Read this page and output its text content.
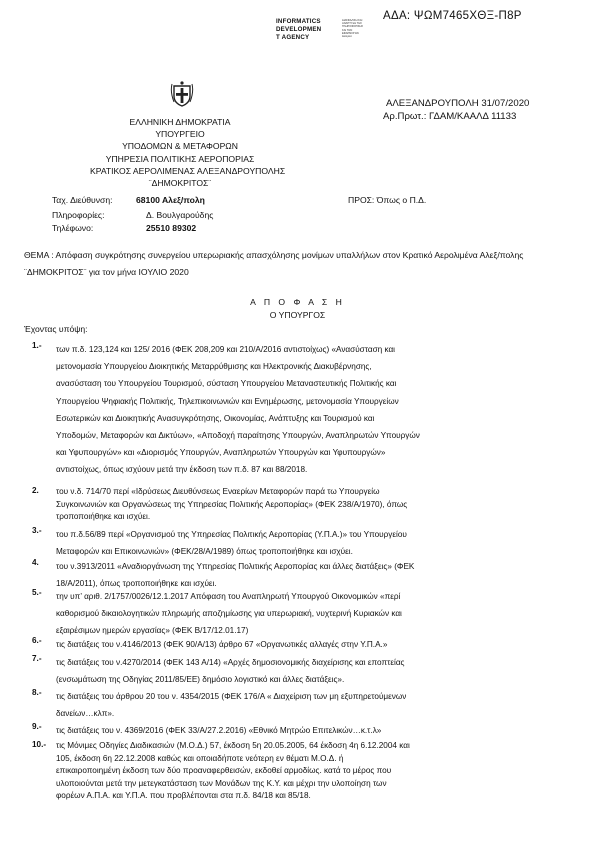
ΑΔΑ: ΨΩΜ7465ΧΘΞ-Π8Ρ
INFORMATICS
DEVELOPMEN
T AGENCY
ΔΙΑΣΦΑΛΙΣΗ ΚΑΙ
ΑΝΑΠΤΥΞΗ ΤΗΣ
ΠΛΗΡΟΦΟΡΙΚΗΣ
ΚΑΙ ΤΩΝ
ΕΦΑΡΜΟΓΩΝ
Διαύγεια
ΑΛΕΞΑΝΔΡΟΥΠΟΛΗ 31/07/2020
Αρ.Πρωτ.: ΓΔΑΜ/ΚΑΑΛΔ 11133
ΕΛΛΗΝΙΚΗ ΔΗΜΟΚΡΑΤΙΑ
ΥΠΟΥΡΓΕΙΟ
ΥΠΟΔΟΜΩΝ & ΜΕΤΑΦΟΡΩΝ
ΥΠΗΡΕΣΙΑ ΠΟΛΙΤΙΚΗΣ ΑΕΡΟΠΟΡΙΑΣ
ΚΡΑΤΙΚΟΣ ΑΕΡΟΛΙΜΕΝΑΣ ΑΛΕΞΑΝΔΡΟΥΠΟΛΗΣ
¨ΔΗΜΟΚΡΙΤΟΣ¨
Ταχ. Διεύθυνση:	68100 Αλεξ/πολη
Πληροφορίες:	Δ. Βουλγαρούδης
Τηλέφωνο:	25510 89302
ΠΡΟΣ: Όπως ο Π.Δ.
ΘΕΜΑ : Απόφαση συγκρότησης συνεργείου υπερωριακής απασχόλησης μονίμων υπαλλήλων στον Κρατικό Αερολιμένα Αλεξ/πολης ¨ΔΗΜΟΚΡΙΤΟΣ¨ για τον μήνα ΙΟΥΛΙΟ 2020
Α Π Ο Φ Α Σ Η
Ο ΥΠΟΥΡΓΟΣ
Έχοντας υπόψη:
1.- των π.δ. 123,124 και 125/ 2016 (ΦΕΚ 208,209 και 210/Α/2016 αντιστοίχως) «Ανασύσταση και

μετονομασία Υπουργείου Διοικητικής Μεταρρύθμισης και Ηλεκτρονικής Διακυβέρνησης,

ανασύσταση του Υπουργείου Τουρισμού, σύσταση Υπουργείου Μεταναστευτικής Πολιτικής και

Υπουργείου Ψηφιακής Πολιτικής, Τηλεπικοινωνιών και Ενημέρωσης, μετονομασία Υπουργείων

Εσωτερικών και Διοικητικής Ανασυγκρότησης, Οικονομίας, Ανάπτυξης και Τουρισμού και

Υποδομών, Μεταφορών και Δικτύων», «Αποδοχή παραίτησης Υπουργών, Αναπληρωτών Υπουργών

και Υφυπουργών» και «Διορισμός Υπουργών, Αναπληρωτών Υπουργών και Υφυπουργών»

αντιστοίχως, όπως ισχύουν μετά την έκδοση των π.δ. 87 και 88/2018.

2. του ν.δ. 714/70 περί «Ιδρύσεως Διευθύνσεως Εναερίων Μεταφορών παρά τω Υπουργείω

Συγκοινωνιών και Οργανώσεως της Υπηρεσίας Πολιτικής Αεροπορίας» (ΦΕΚ 238/Α/1970), όπως

τροποποιήθηκε και ισχύει.

3.- του π.δ.56/89 περί «Οργανισμού της Υπηρεσίας Πολιτικής Αεροπορίας (Υ.Π.Α.)» του Υπουργείου

Μεταφορών και Επικοινωνιών» (ΦΕΚ/28/Α/1989) όπως τροποποιήθηκε και ισχύει.

4. του ν.3913/2011 «Αναδιοργάνωση της Υπηρεσίας Πολιτικής Αεροπορίας και άλλες διατάξεις» (ΦΕΚ

18/Α/2011), όπως τροποποιήθηκε και ισχύει.

5.- την υπ’ αριθ. 2/1757/0026/12.1.2017 Απόφαση του Αναπληρωτή Υπουργού Οικονομικών «περί

καθορισμού δικαιολογητικών πληρωμής αποζημίωσης για υπερωριακή, νυχτερινή Κυριακών και

εξαιρέσιμων ημερών εργασίας» (ΦΕΚ Β/17/12.01.17)

6.- τις διατάξεις του ν.4146/2013 (ΦΕΚ 90/Α/13) άρθρο 67 «Οργανωτικές αλλαγές στην Υ.Π.Α.»

7.- τις διατάξεις του ν.4270/2014 (ΦΕΚ 143 Α/14) «Αρχές δημοσιονομικής διαχείρισης και εποπτείας

(ενσωμάτωση της Οδηγίας 2011/85/ΕΕ) δημόσιο λογιστικό και άλλες διατάξεις».

8.- τις διατάξεις του άρθρου 20 του ν. 4354/2015 (ΦΕΚ 176/Α « Διαχείριση των μη εξυπηρετούμενων

δανείων…κλπ».

9.- τις διατάξεις του ν. 4369/2016 (ΦΕΚ 33/Α/27.2.2016) «Εθνικό Μητρώο Επιτελικών…κ.τ.λ»

10.- τις Μόνιμες Οδηγίες Διαδικασιών (Μ.Ο.Δ.) 57, έκδοση 5η 20.05.2005, 64 έκδοση 4η 6.12.2004 και

105, έκδοση 6η 22.12.2008 καθώς και οποιαδήποτε νεότερη εν θέματι Μ.Ο.Δ. ή

επικαιροποιημένη έκδοση των δύο προαναφερθεισών, εκδοθεί αρμοδίως. κατά το μέρος που

υλοποιούνται μετά την μετεγκατάσταση των Μονάδων της Κ.Υ. και μέχρι την υλοποίηση των

φορέων Α.Π.Α. και Υ.Π.Α. που προβλέπονται στα π.δ. 84/18 και 85/18.
